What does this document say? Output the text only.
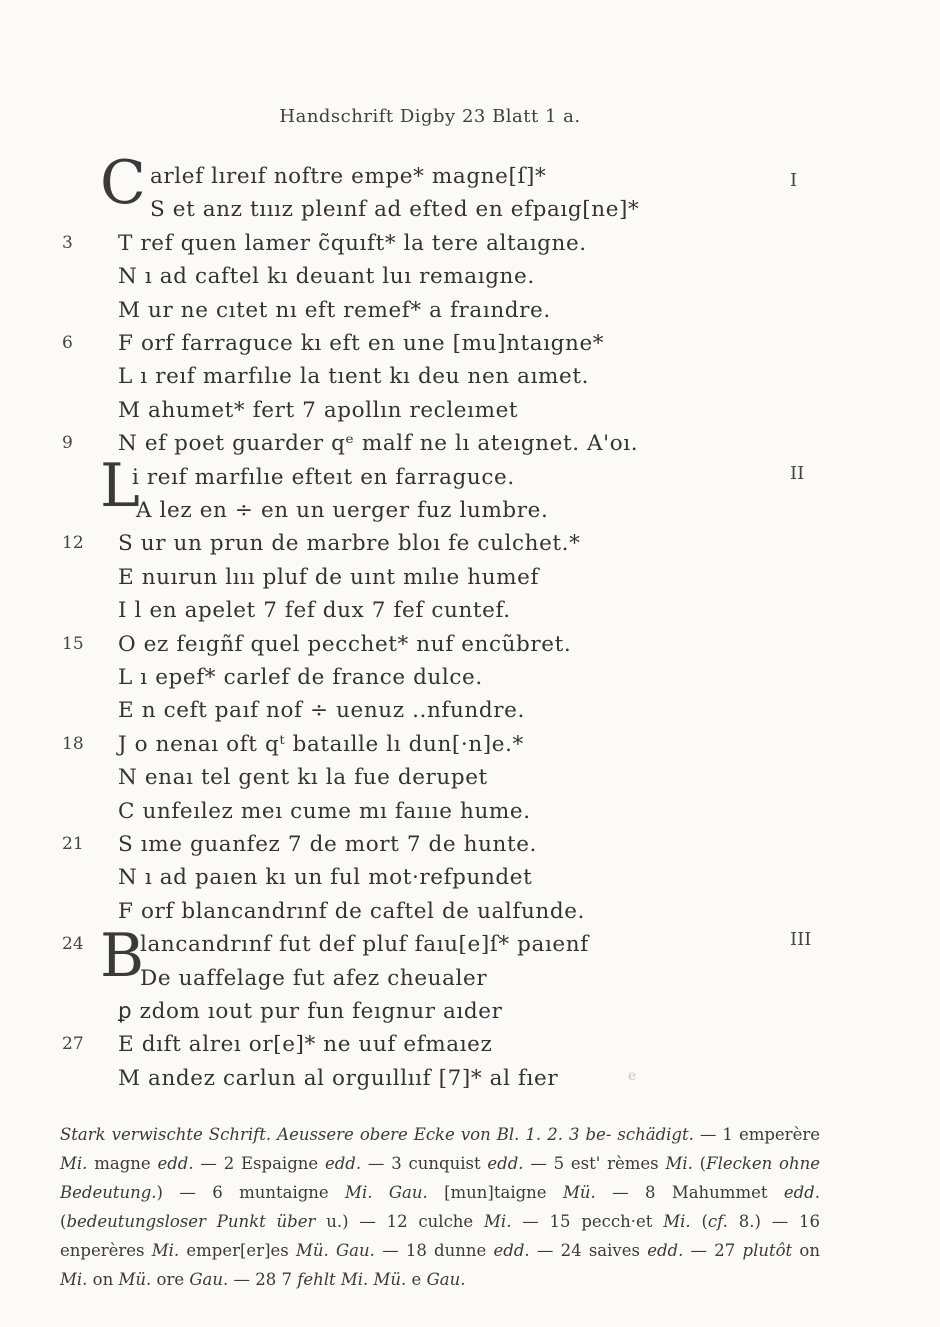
Handschrift Digby 23 Blatt 1 a.
C
L
B
I
II
III
arlef lıreıf noftre empe* magne[ſ]*
S et anz tııız pleınf ad efted en efpaıg[ne]*
3	T ref quen lamer c̃quıft* la tere altaıgne.
N ı ad caftel kı deuant luı remaıgne.
M ur ne cıtet nı eft remef* a fraındre.
6	F orf farraguce kı eft en une [mu]ntaıgne*
L ı reıf marfılıe la tıent kı deu nen aımet.
M ahumet* fert 7 apollın recleımet
9	N ef poet guarder qᵉ malf ne lı ateıgnet. A'oı.
i reıf marfılıe efteıt en farraguce.
A lez en ÷ en un uerger fuz lumbre.
12	S ur un prun de marbre bloı fe culchet.*
E nuırun lııı pluf de uınt mılıe humef
I l en apelet 7 fef dux 7 fef cuntef.
15	O ez feıgñf quel pecchet* nuf encũbret.
L ı epef* carlef de france dulce.
E n ceft paıf nof ÷ uenuz ..nfundre.
18	J o nenaı oft qᵗ bataılle lı dun[·n]e.*
N enaı tel gent kı la fue derupet
C unfeılez meı cume mı faıııe hume.
21	S ıme guanfez 7 de mort 7 de hunte.
N ı ad paıen kı un ful mot·refpundet
F orf blancandrınf de caftel de ualfunde.
24	lancandrınf fut def pluf faıu[e]ſ* paıenf
De uaffelage fut afez cheualer
ꝑ zdom ıout pur fun feıgnur aıder
27	E dıft alreı or[e]* ne uuf efmaıez
M andez carlun al orguıllııf [7]* al fıer	e
Stark verwischte Schrift. Aeussere obere Ecke von Bl. 1. 2. 3 be- schädigt. — 1 emperère Mi. magne edd. — 2 Espaigne edd. — 3 cunquist edd. — 5 est' rèmes Mi. (Flecken ohne Bedeutung.) — 6 muntaigne Mi. Gau. [mun]taigne Mü. — 8 Mahummet edd. (bedeutungsloser Punkt über u.) — 12 culche Mi. — 15 pecch·et Mi. (cf. 8.) — 16 enperères Mi. emper[er]es Mü. Gau. — 18 dunne edd. — 24 saives edd. — 27 plutôt on Mi. on Mü. ore Gau. — 28 7 fehlt Mi. Mü. e Gau.
